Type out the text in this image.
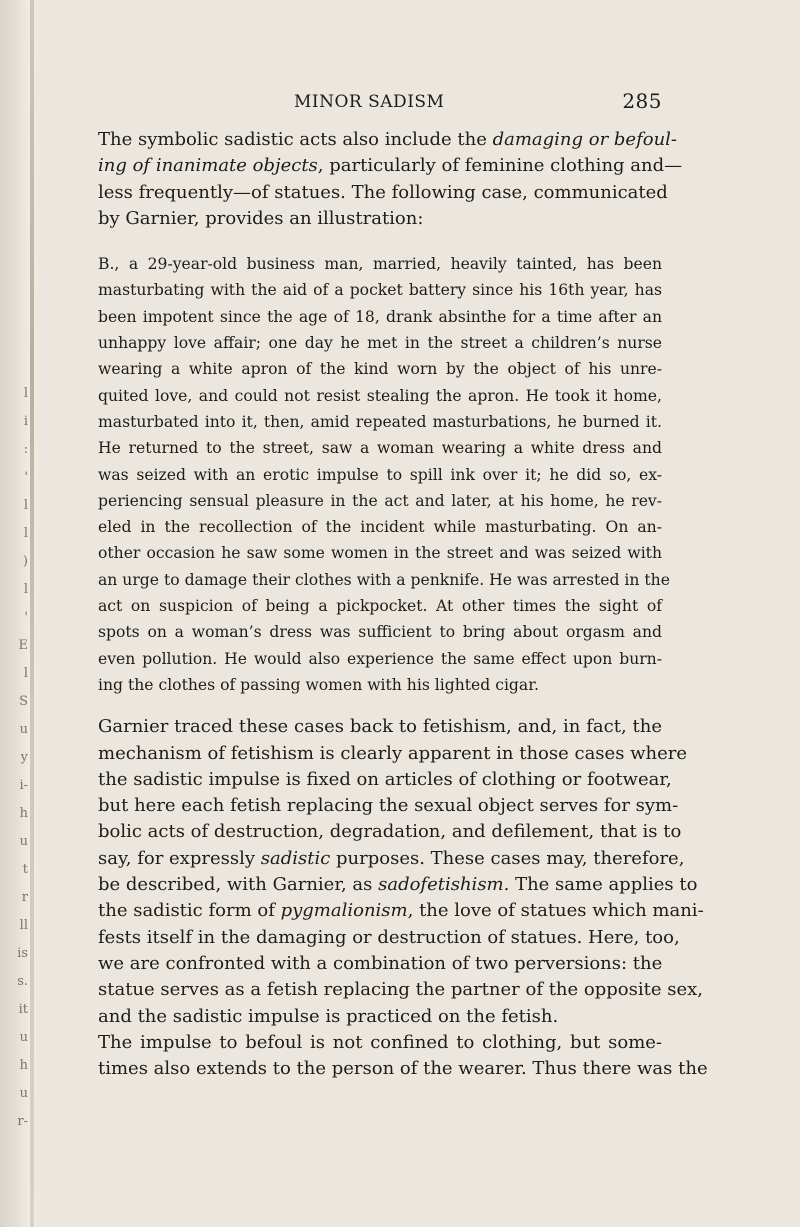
l
i
:
'
l
l
)
l
'
E
l
S
u
y
i-
h
u
t
r
ll
is
s.
it
u
h
u
r-
MINOR SADISM	285

The symbolic sadistic acts also include the damaging or befoul-
ing of inanimate objects, particularly of feminine clothing and—
less frequently—of statues. The following case, communicated
by Garnier, provides an illustration:

B., a 29-year-old business man, married, heavily tainted, has been
masturbating with the aid of a pocket battery since his 16th year, has
been impotent since the age of 18, drank absinthe for a time after an
unhappy love affair; one day he met in the street a children’s nurse
wearing a white apron of the kind worn by the object of his unre-
quited love, and could not resist stealing the apron. He took it home,
masturbated into it, then, amid repeated masturbations, he burned it.
He returned to the street, saw a woman wearing a white dress and
was seized with an erotic impulse to spill ink over it; he did so, ex-
periencing sensual pleasure in the act and later, at his home, he rev-
eled in the recollection of the incident while masturbating. On an-
other occasion he saw some women in the street and was seized with
an urge to damage their clothes with a penknife. He was arrested in the
act on suspicion of being a pickpocket. At other times the sight of
spots on a woman’s dress was sufficient to bring about orgasm and
even pollution. He would also experience the same effect upon burn-
ing the clothes of passing women with his lighted cigar.

Garnier traced these cases back to fetishism, and, in fact, the
mechanism of fetishism is clearly apparent in those cases where
the sadistic impulse is fixed on articles of clothing or footwear,
but here each fetish replacing the sexual object serves for sym-
bolic acts of destruction, degradation, and defilement, that is to
say, for expressly sadistic purposes. These cases may, therefore,
be described, with Garnier, as sadofetishism. The same applies to
the sadistic form of pygmalionism, the love of statues which mani-
fests itself in the damaging or destruction of statues. Here, too,
we are confronted with a combination of two perversions: the
statue serves as a fetish replacing the partner of the opposite sex,
and the sadistic impulse is practiced on the fetish.

The impulse to befoul is not confined to clothing, but some-
times also extends to the person of the wearer. Thus there was the
